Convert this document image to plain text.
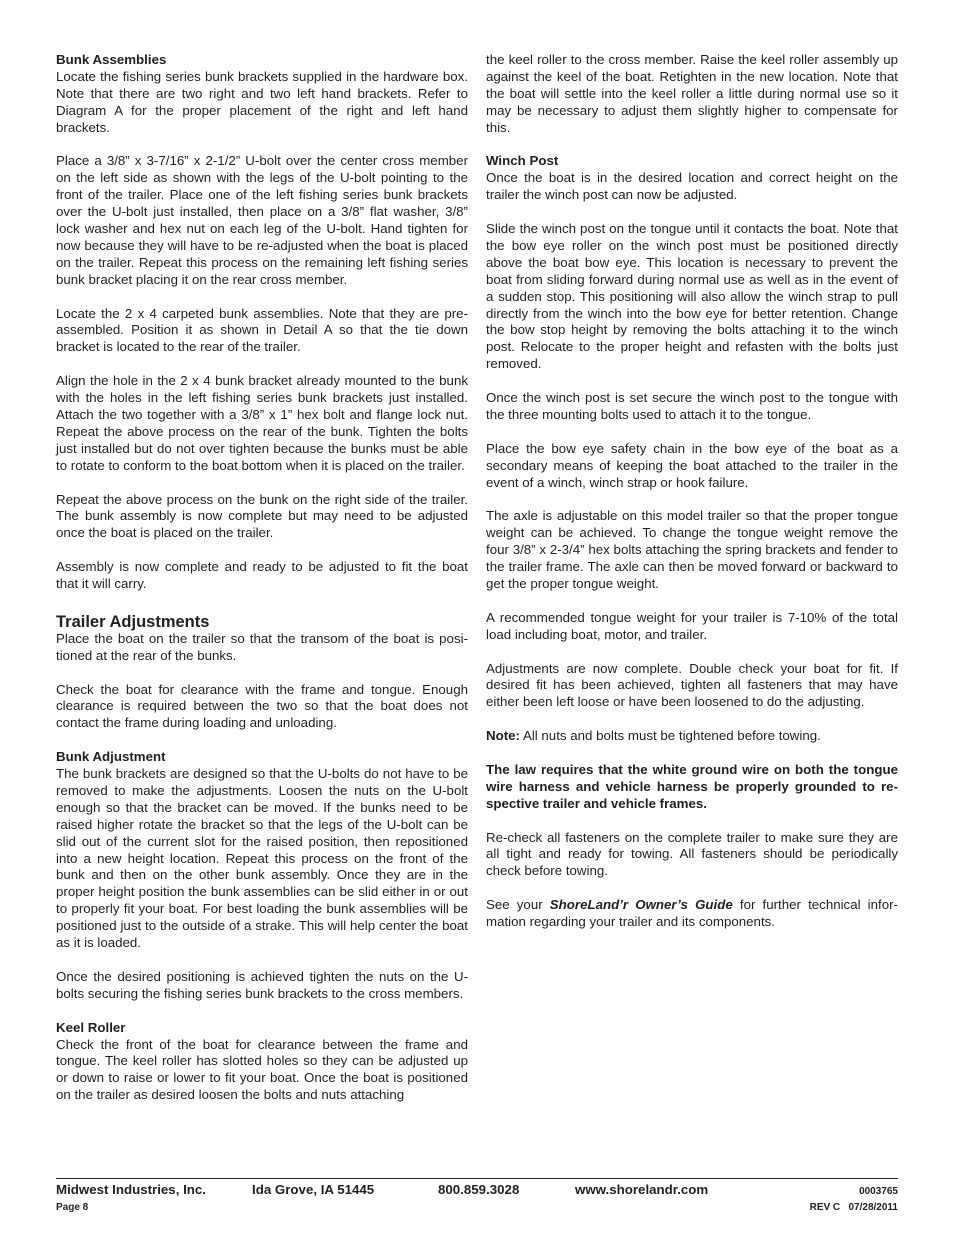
Bunk Assemblies
Locate the fishing series bunk brackets supplied in the hardware box. Note that there are two right and two left hand brackets. Refer to Diagram A for the proper placement of the right and left hand brackets.

Place a 3/8” x 3-7/16” x 2-1/2” U-bolt over the center cross member on the left side as shown with the legs of the U-bolt pointing to the front of the trailer. Place one of the left fishing series bunk brackets over the U-bolt just installed, then place on a 3/8” flat washer, 3/8” lock washer and hex nut on each leg of the U-bolt. Hand tighten for now because they will have to be re-adjusted when the boat is placed on the trailer. Repeat this process on the remaining left fishing series bunk bracket placing it on the rear cross member.

Locate the 2 x 4 carpeted bunk assemblies. Note that they are pre-assembled. Position it as shown in Detail A so that the tie down bracket is located to the rear of the trailer.

Align the hole in the 2 x 4 bunk bracket already mounted to the bunk with the holes in the left fishing series bunk brackets just installed. Attach the two together with a 3/8” x 1” hex bolt and flange lock nut. Repeat the above process on the rear of the bunk. Tighten the bolts just installed but do not over tighten because the bunks must be able to rotate to conform to the boat bottom when it is placed on the trailer.

Repeat the above process on the bunk on the right side of the trailer. The bunk assembly is now complete but may need to be adjusted once the boat is placed on the trailer.

Assembly is now complete and ready to be adjusted to fit the boat that it will carry.

Trailer Adjustments

Place the boat on the trailer so that the transom of the boat is positioned at the rear of the bunks.

Check the boat for clearance with the frame and tongue. Enough clearance is required between the two so that the boat does not contact the frame during loading and unloading.

Bunk Adjustment
The bunk brackets are designed so that the U-bolts do not have to be removed to make the adjustments. Loosen the nuts on the U-bolt enough so that the bracket can be moved. If the bunks need to be raised higher rotate the bracket so that the legs of the U-bolt can be slid out of the current slot for the raised position, then repositioned into a new height location. Repeat this process on the front of the bunk and then on the other bunk assembly. Once they are in the proper height position the bunk assemblies can be slid either in or out to properly fit your boat. For best loading the bunk assemblies will be positioned just to the outside of a strake. This will help center the boat as it is loaded.

Once the desired positioning is achieved tighten the nuts on the U-bolts securing the fishing series bunk brackets to the cross members.

Keel Roller
Check the front of the boat for clearance between the frame and tongue. The keel roller has slotted holes so they can be adjusted up or down to raise or lower to fit your boat. Once the boat is positioned on the trailer as desired loosen the bolts and nuts attaching

the keel roller to the cross member. Raise the keel roller assembly up against the keel of the boat. Retighten in the new location. Note that the boat will settle into the keel roller a little during normal use so it may be necessary to adjust them slightly higher to compensate for this.

Winch Post
Once the boat is in the desired location and correct height on the trailer the winch post can now be adjusted.

Slide the winch post on the tongue until it contacts the boat. Note that the bow eye roller on the winch post must be positioned directly above the boat bow eye. This location is necessary to prevent the boat from sliding forward during normal use as well as in the event of a sudden stop. This positioning will also allow the winch strap to pull directly from the winch into the bow eye for better retention. Change the bow stop height by removing the bolts attaching it to the winch post. Relocate to the proper height and refasten with the bolts just removed.

Once the winch post is set secure the winch post to the tongue with the three mounting bolts used to attach it to the tongue.

Place the bow eye safety chain in the bow eye of the boat as a secondary means of keeping the boat attached to the trailer in the event of a winch, winch strap or hook failure.

The axle is adjustable on this model trailer so that the proper tongue weight can be achieved. To change the tongue weight remove the four 3/8” x 2-3/4” hex bolts attaching the spring brackets and fender to the trailer frame. The axle can then be moved forward or backward to get the proper tongue weight.

A recommended tongue weight for your trailer is 7-10% of the total load including boat, motor, and trailer.

Adjustments are now complete. Double check your boat for fit. If desired fit has been achieved, tighten all fasteners that may have either been left loose or have been loosened to do the adjusting.

Note: All nuts and bolts must be tightened before towing.

The law requires that the white ground wire on both the tongue wire harness and vehicle harness be properly grounded to respective trailer and vehicle frames.

Re-check all fasteners on the complete trailer to make sure they are all tight and ready for towing. All fasteners should be periodically check before towing.

See your ShoreLand’r Owner’s Guide for further technical information regarding your trailer and its components.

Midwest Industries, Inc.	Ida Grove, IA 51445	800.859.3028	www.shorelandr.com	0003765
Page 8	REV C   07/28/2011
